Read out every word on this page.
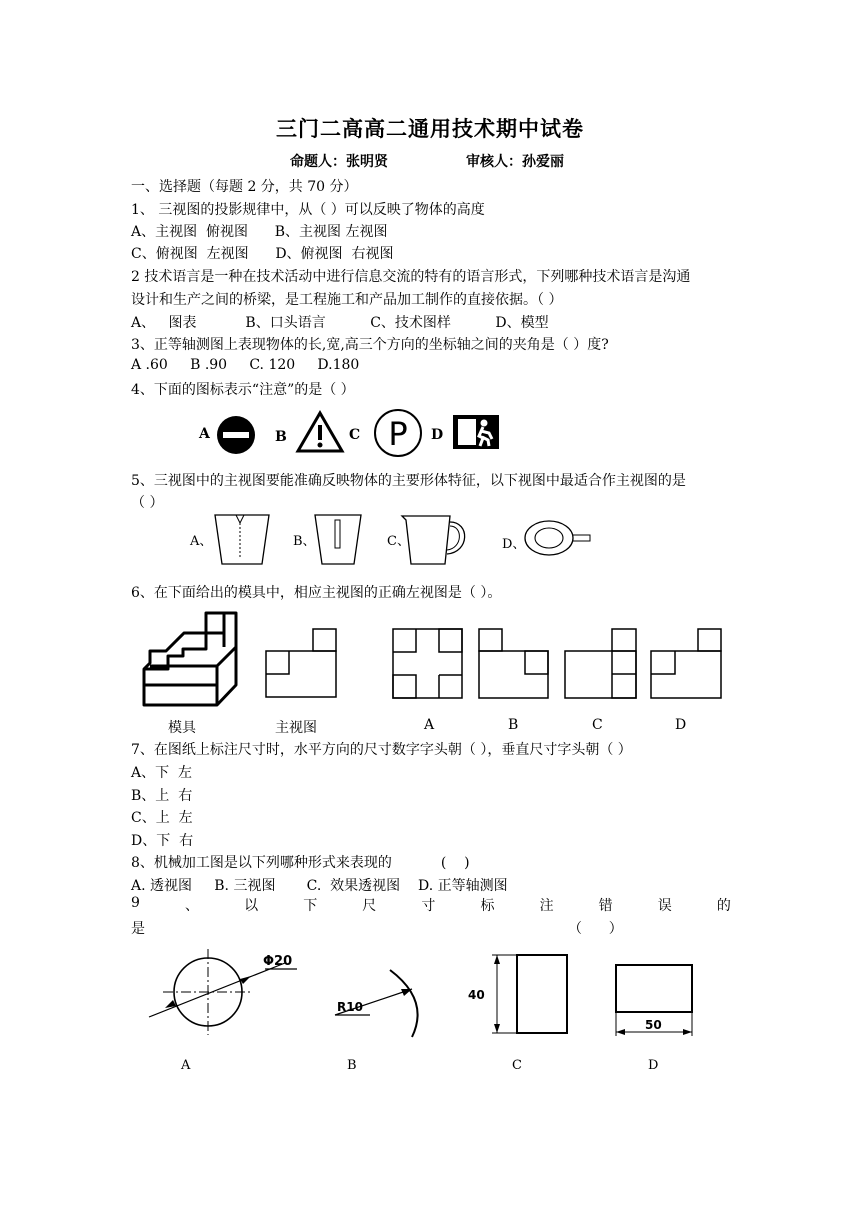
三门二高高二通用技术期中试卷
命题人：张明贤	审核人：孙爱丽
一、选择题（每题 2 分，共 70 分）
1、 三视图的投影规律中，从（ ）可以反映了物体的高度
A、主视图  俯视图      B、主视图 左视图
C、俯视图  左视图      D、俯视图  右视图
2 技术语言是一种在技术活动中进行信息交流的特有的语言形式，下列哪种技术语言是沟通
设计和生产之间的桥梁，是工程施工和产品加工制作的直接依据。（ ）
A、   图表           B、口头语言          C、技术图样          D、模型
3、正等轴测图上表现物体的长,宽,高三个方向的坐标轴之间的夹角是（ ）度?
A .60     B .90     C. 120     D.180
4、下面的图标表示“注意”的是（ ）
A	B	C P D
5、三视图中的主视图要能准确反映物体的主要形体特征，以下视图中最适合作主视图的是
（ ）
A、	B、	C、	D、
6、在下面给出的模具中，相应主视图的正确左视图是（ ）。
模具	主视图	A	B	C	D
7、在图纸上标注尺寸时，水平方向的尺寸数字字头朝（ ），垂直尺寸字头朝（ ）
A、下  左
B、上  右
C、上  左
D、下  右
8、机械加工图是以下列哪种形式来表现的           (    )
A. 透视图     B. 三视图       C.  效果透视图    D. 正等轴测图
9	、	以	下	尺	寸	标	注	错	误	的
是	（      ）
Φ20
R10
40
50
A	B	C	D
